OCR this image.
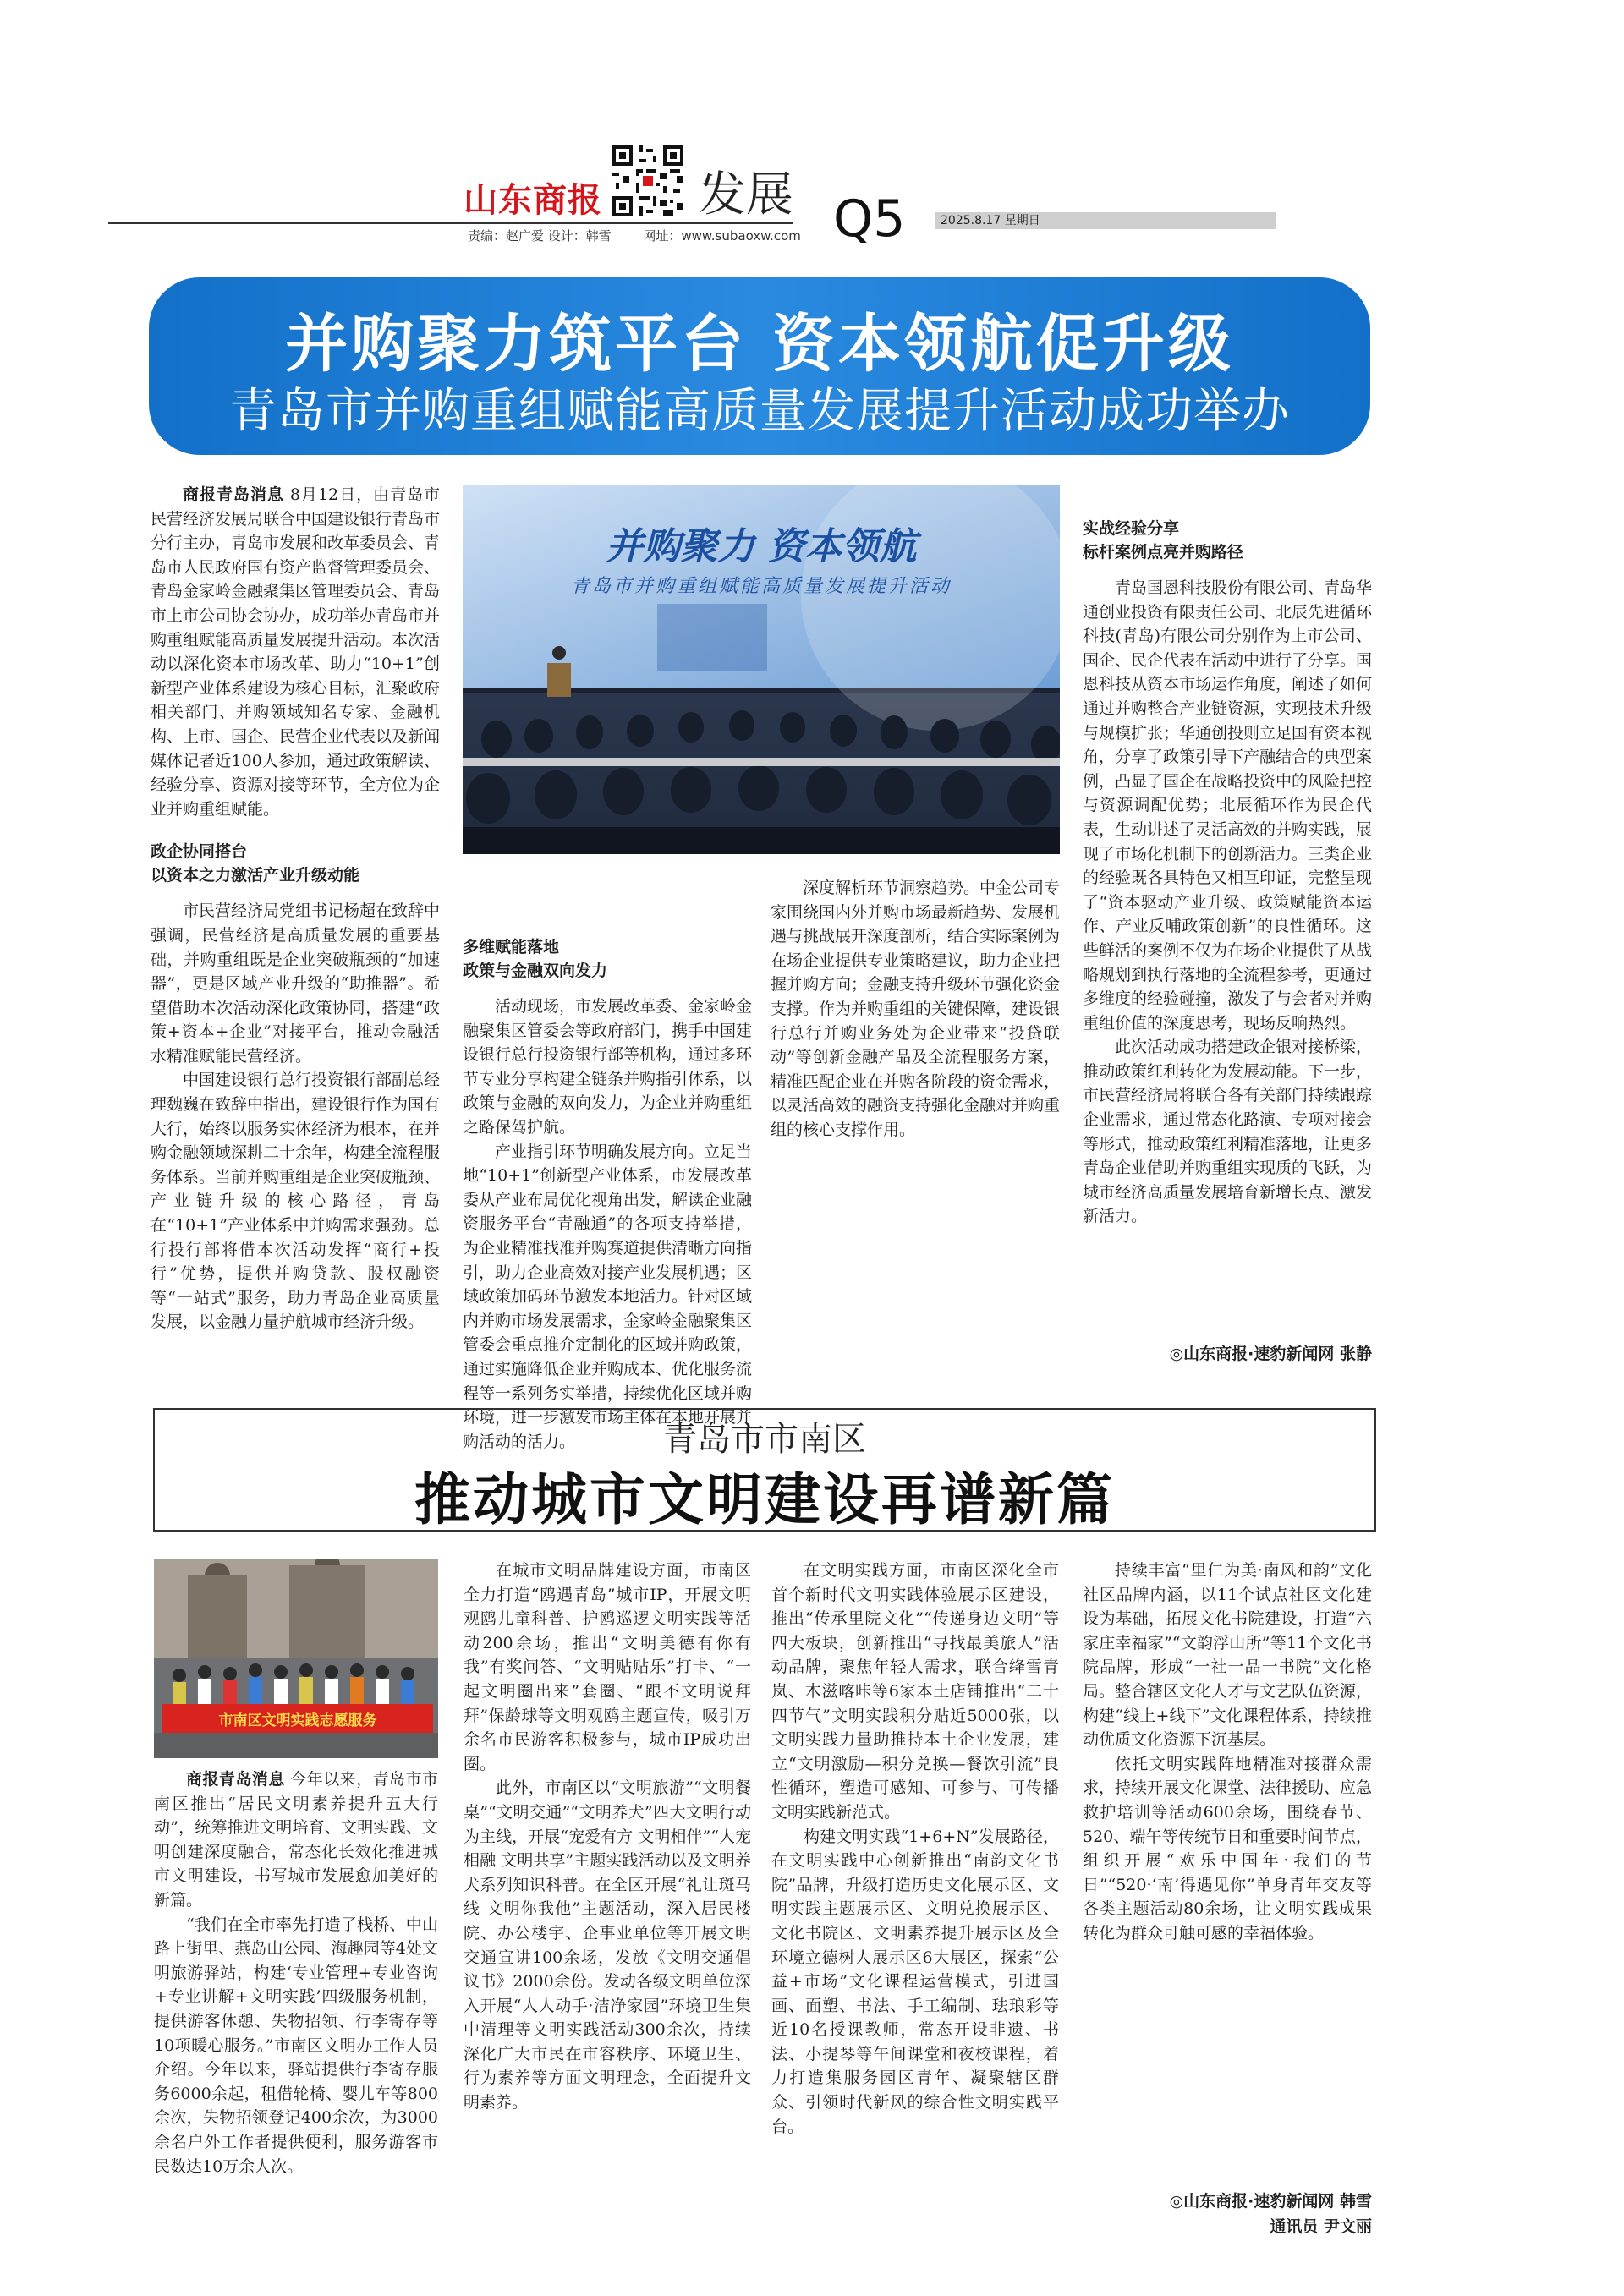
山东商报 发展 Q5	2025.8.17 星期日
责编：赵广爱 设计：韩雪	网址：www.subaoxw.com
并购聚力筑平台 资本领航促升级
青岛市并购重组赋能高质量发展提升活动成功举办
并购聚力 资本领航
青岛市并购重组赋能高质量发展提升活动

商报青岛消息 8月12日，由青岛市民营经济发展局联合中国建设银行青岛市分行主办，青岛市发展和改革委员会、青岛市人民政府国有资产监督管理委员会、青岛金家岭金融聚集区管理委员会、青岛市上市公司协会协办，成功举办青岛市并购重组赋能高质量发展提升活动。本次活动以深化资本市场改革、助力“10+1”创新型产业体系建设为核心目标，汇聚政府相关部门、并购领域知名专家、金融机构、上市、国企、民营企业代表以及新闻媒体记者近100人参加，通过政策解读、经验分享、资源对接等环节，全方位为企业并购重组赋能。

政企协同搭台
以资本之力激活产业升级动能

市民营经济局党组书记杨超在致辞中强调，民营经济是高质量发展的重要基础，并购重组既是企业突破瓶颈的“加速器”，更是区域产业升级的“助推器”。希望借助本次活动深化政策协同，搭建“政策+资本+企业”对接平台，推动金融活水精准赋能民营经济。

中国建设银行总行投资银行部副总经理魏巍在致辞中指出，建设银行作为国有大行，始终以服务实体经济为根本，在并购金融领域深耕二十余年，构建全流程服务体系。当前并购重组是企业突破瓶颈、产业链升级的核心路径，青岛在“10+1”产业体系中并购需求强劲。总行投行部将借本次活动发挥“商行+投行”优势，提供并购贷款、股权融资等“一站式”服务，助力青岛企业高质量发展，以金融力量护航城市经济升级。

多维赋能落地
政策与金融双向发力

活动现场，市发展改革委、金家岭金融聚集区管委会等政府部门，携手中国建设银行总行投资银行部等机构，通过多环节专业分享构建全链条并购指引体系，以政策与金融的双向发力，为企业并购重组之路保驾护航。

产业指引环节明确发展方向。立足当地“10+1”创新型产业体系，市发展改革委从产业布局优化视角出发，解读企业融资服务平台“青融通”的各项支持举措，为企业精准找准并购赛道提供清晰方向指引，助力企业高效对接产业发展机遇；区域政策加码环节激发本地活力。针对区域内并购市场发展需求，金家岭金融聚集区管委会重点推介定制化的区域并购政策，通过实施降低企业并购成本、优化服务流程等一系列务实举措，持续优化区域并购环境，进一步激发市场主体在本地开展并购活动的活力。

深度解析环节洞察趋势。中金公司专家围绕国内外并购市场最新趋势、发展机遇与挑战展开深度剖析，结合实际案例为在场企业提供专业策略建议，助力企业把握并购方向；金融支持升级环节强化资金支撑。作为并购重组的关键保障，建设银行总行并购业务处为企业带来“投贷联动”等创新金融产品及全流程服务方案，精准匹配企业在并购各阶段的资金需求，以灵活高效的融资支持强化金融对并购重组的核心支撑作用。

实战经验分享
标杆案例点亮并购路径

青岛国恩科技股份有限公司、青岛华通创业投资有限责任公司、北辰先进循环科技(青岛)有限公司分别作为上市公司、国企、民企代表在活动中进行了分享。国恩科技从资本市场运作角度，阐述了如何通过并购整合产业链资源，实现技术升级与规模扩张；华通创投则立足国有资本视角，分享了政策引导下产融结合的典型案例，凸显了国企在战略投资中的风险把控与资源调配优势；北辰循环作为民企代表，生动讲述了灵活高效的并购实践，展现了市场化机制下的创新活力。三类企业的经验既各具特色又相互印证，完整呈现了“资本驱动产业升级、政策赋能资本运作、产业反哺政策创新”的良性循环。这些鲜活的案例不仅为在场企业提供了从战略规划到执行落地的全流程参考，更通过多维度的经验碰撞，激发了与会者对并购重组价值的深度思考，现场反响热烈。

此次活动成功搭建政企银对接桥梁，推动政策红利转化为发展动能。下一步，市民营经济局将联合各有关部门持续跟踪企业需求，通过常态化路演、专项对接会等形式，推动政策红利精准落地，让更多青岛企业借助并购重组实现质的飞跃，为城市经济高质量发展培育新增长点、激发新活力。

◎山东商报·速豹新闻网 张静
青岛市市南区
推动城市文明建设再谱新篇
市南区文明实践志愿服务

商报青岛消息 今年以来，青岛市市南区推出“居民文明素养提升五大行动”，统筹推进文明培育、文明实践、文明创建深度融合，常态化长效化推进城市文明建设，书写城市发展愈加美好的新篇。

“我们在全市率先打造了栈桥、中山路上街里、燕岛山公园、海趣园等4处文明旅游驿站，构建‘专业管理+专业咨询+专业讲解+文明实践’四级服务机制，提供游客休憩、失物招领、行李寄存等10项暖心服务。”市南区文明办工作人员介绍。今年以来，驿站提供行李寄存服务6000余起，租借轮椅、婴儿车等800余次，失物招领登记400余次，为3000余名户外工作者提供便利，服务游客市民数达10万余人次。

在城市文明品牌建设方面，市南区全力打造“鸥遇青岛”城市IP，开展文明观鸥儿童科普、护鸥巡逻文明实践等活动200余场，推出“文明美德有你有我”有奖问答、“文明贴贴乐”打卡、“一起文明圈出来”套圈、“跟不文明说拜拜”保龄球等文明观鸥主题宣传，吸引万余名市民游客积极参与，城市IP成功出圈。

此外，市南区以“文明旅游”“文明餐桌”“文明交通”“文明养犬”四大文明行动为主线，开展“宠爱有方 文明相伴”“人宠相融 文明共享”主题实践活动以及文明养犬系列知识科普。在全区开展“礼让斑马线 文明你我他”主题活动，深入居民楼院、办公楼宇、企事业单位等开展文明交通宣讲100余场，发放《文明交通倡议书》2000余份。发动各级文明单位深入开展“人人动手·洁净家园”环境卫生集中清理等文明实践活动300余次，持续深化广大市民在市容秩序、环境卫生、行为素养等方面文明理念，全面提升文明素养。

在文明实践方面，市南区深化全市首个新时代文明实践体验展示区建设，推出“传承里院文化”“传递身边文明”等四大板块，创新推出“寻找最美旅人”活动品牌，聚焦年轻人需求，联合绛雪青岚、木滋喀咔等6家本土店铺推出“二十四节气”文明实践积分贴近5000张，以文明实践力量助推持本土企业发展，建立“文明激励—积分兑换—餐饮引流”良性循环，塑造可感知、可参与、可传播文明实践新范式。

构建文明实践“1+6+N”发展路径，在文明实践中心创新推出“南韵文化书院”品牌，升级打造历史文化展示区、文明实践主题展示区、文明兑换展示区、文化书院区、文明素养提升展示区及全环境立德树人展示区6大展区，探索“公益+市场”文化课程运营模式，引进国画、面塑、书法、手工编制、珐琅彩等近10名授课教师，常态开设非遗、书法、小提琴等午间课堂和夜校课程，着力打造集服务园区青年、凝聚辖区群众、引领时代新风的综合性文明实践平台。

持续丰富“里仁为美·南风和韵”文化社区品牌内涵，以11个试点社区文化建设为基础，拓展文化书院建设，打造“六家庄幸福家”“文韵浮山所”等11个文化书院品牌，形成“一社一品一书院”文化格局。整合辖区文化人才与文艺队伍资源，构建“线上+线下”文化课程体系，持续推动优质文化资源下沉基层。

依托文明实践阵地精准对接群众需求，持续开展文化课堂、法律援助、应急救护培训等活动600余场，围绕春节、520、端午等传统节日和重要时间节点，组织开展“欢乐中国年·我们的节日”“520·‘南’得遇见你”单身青年交友等各类主题活动80余场，让文明实践成果转化为群众可触可感的幸福体验。

◎山东商报·速豹新闻网 韩雪
通讯员 尹文丽
